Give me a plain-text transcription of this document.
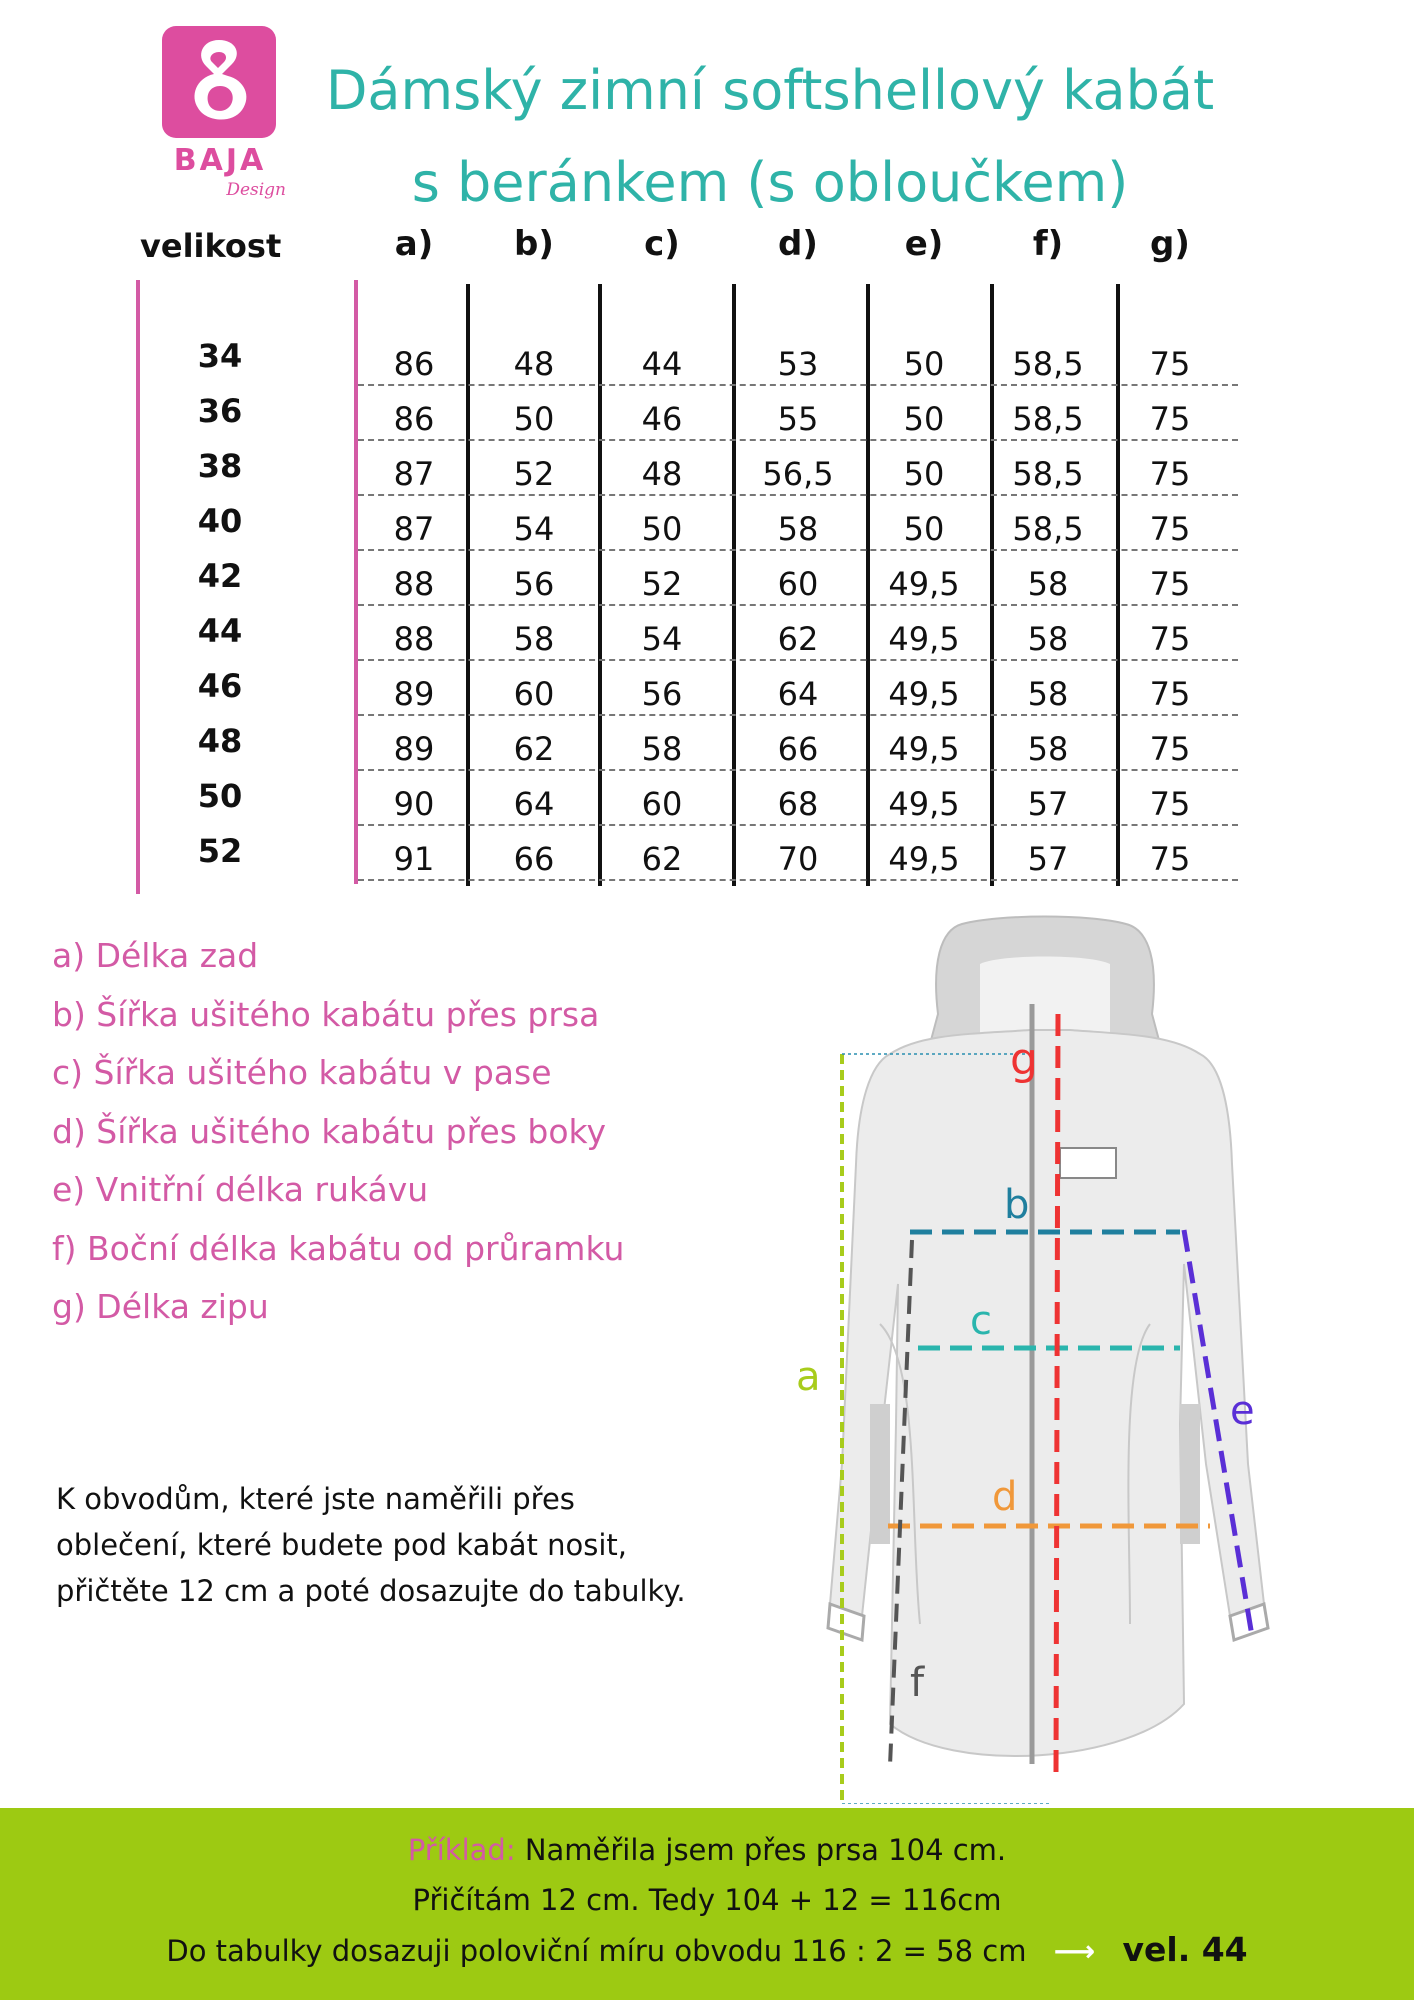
BAJA
Design
Dámský zimní softshellový kabát
s beránkem (s obloučkem)
velikost	a)	b)	c)	d)	e)	f)	g)
34	86	48	44	53	50	58,5	75
36	86	50	46	55	50	58,5	75
38	87	52	48	56,5	50	58,5	75
40	87	54	50	58	50	58,5	75
42	88	56	52	60	49,5	58	75
44	88	58	54	62	49,5	58	75
46	89	60	56	64	49,5	58	75
48	89	62	58	66	49,5	58	75
50	90	64	60	68	49,5	57	75
52	91	66	62	70	49,5	57	75
a) Délka zad
b) Šířka ušitého kabátu přes prsa
c) Šířka ušitého kabátu v pase
d) Šířka ušitého kabátu přes boky
e) Vnitřní délka rukávu
f) Boční délka kabátu od průramku
g) Délka zipu
K obvodům, které jste naměřili přes
oblečení, které budete pod kabát nosit,
přičtěte 12 cm a poté dosazujte do tabulky.
a
b
c
d
e
f
g
Příklad: Naměřila jsem přes prsa 104 cm.
Přičítám 12 cm. Tedy 104 + 12 = 116cm
Do tabulky dosazuji poloviční míru obvodu 116 : 2 = 58 cm ⟶ vel. 44
